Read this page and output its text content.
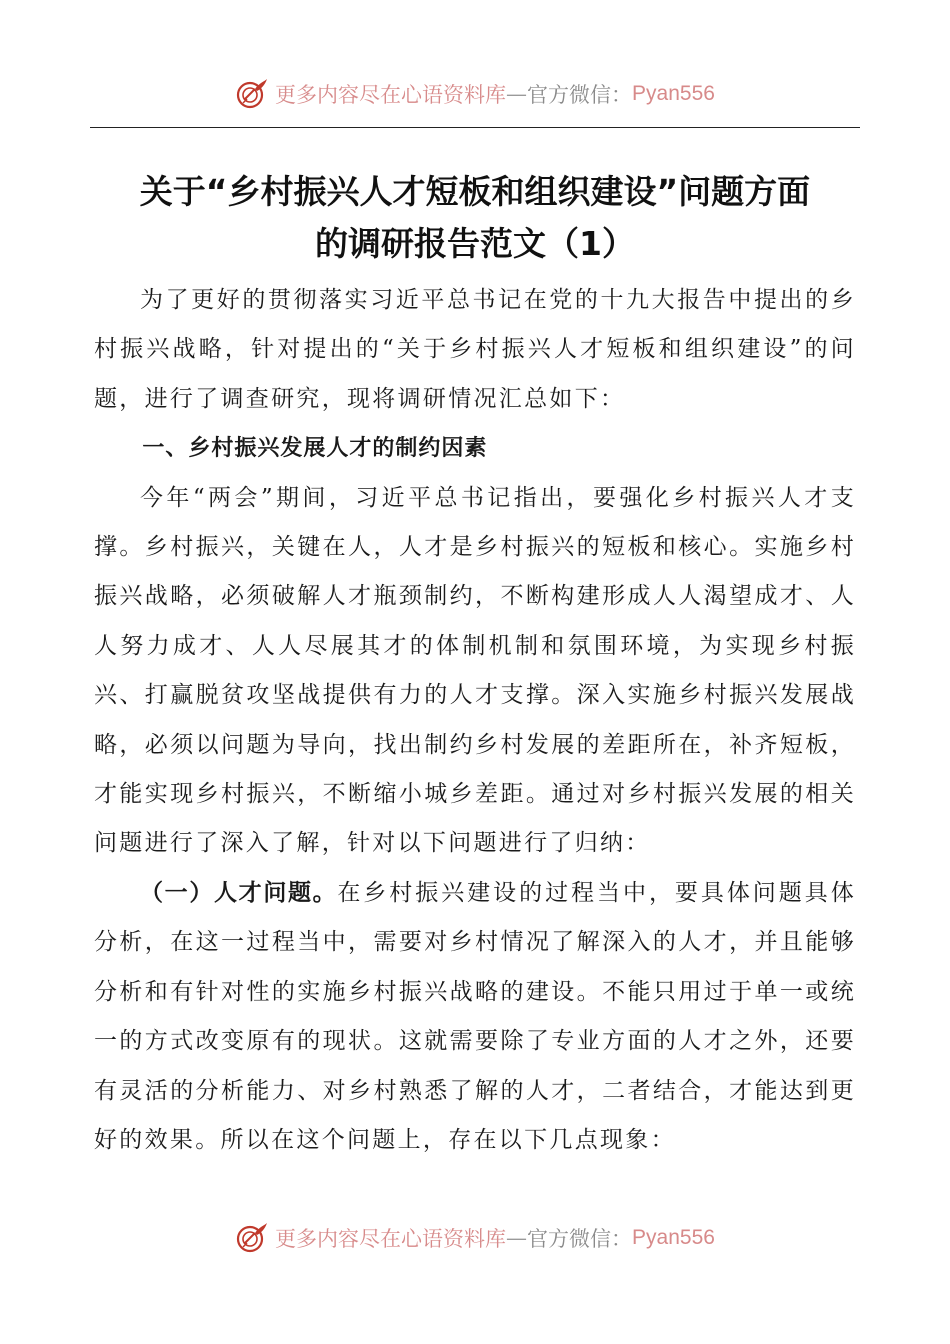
更多内容尽在心语资料库 — 官方微信： Pyan556
关于“乡村振兴人才短板和组织建设”问题方面
的调研报告范文（1）

为了更好的贯彻落实习近平总书记在党的十九大报告中提出的乡村振兴战略，针对提出的“关于乡村振兴人才短板和组织建设”的问题，进行了调查研究，现将调研情况汇总如下：

一、乡村振兴发展人才的制约因素

今年“两会”期间，习近平总书记指出，要强化乡村振兴人才支撑。乡村振兴，关键在人，人才是乡村振兴的短板和核心。实施乡村振兴战略，必须破解人才瓶颈制约，不断构建形成人人渴望成才、人人努力成才、人人尽展其才的体制机制和氛围环境，为实现乡村振兴、打赢脱贫攻坚战提供有力的人才支撑。深入实施乡村振兴发展战略，必须以问题为导向，找出制约乡村发展的差距所在，补齐短板，才能实现乡村振兴，不断缩小城乡差距。通过对乡村振兴发展的相关问题进行了深入了解，针对以下问题进行了归纳：

（一）人才问题。在乡村振兴建设的过程当中，要具体问题具体分析，在这一过程当中，需要对乡村情况了解深入的人才，并且能够分析和有针对性的实施乡村振兴战略的建设。不能只用过于单一或统一的方式改变原有的现状。这就需要除了专业方面的人才之外，还要有灵活的分析能力、对乡村熟悉了解的人才，二者结合，才能达到更好的效果。所以在这个问题上，存在以下几点现象：

更多内容尽在心语资料库 — 官方微信： Pyan556
